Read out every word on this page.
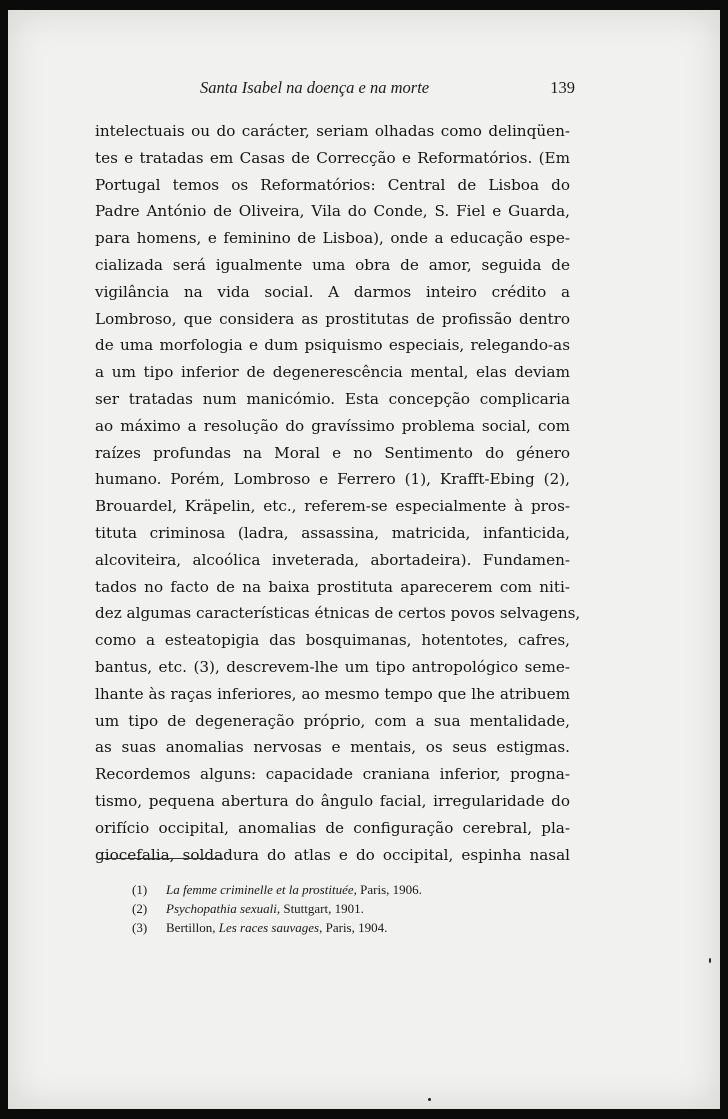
Santa Isabel na doença e na morte	139
intelectuais ou do carácter, seriam olhadas como delinqüen-
tes e tratadas em Casas de Correcção e Reformatórios. (Em
Portugal temos os Reformatórios: Central de Lisboa do
Padre António de Oliveira, Vila do Conde, S. Fiel e Guarda,
para homens, e feminino de Lisboa), onde a educação espe-
cializada será igualmente uma obra de amor, seguida de
vigilância na vida social. A darmos inteiro crédito a
Lombroso, que considera as prostitutas de profissão dentro
de uma morfologia e dum psiquismo especiais, relegando-as
a um tipo inferior de degenerescência mental, elas deviam
ser tratadas num manicómio. Esta concepção complicaria
ao máximo a resolução do gravíssimo problema social, com
raízes profundas na Moral e no Sentimento do género
humano. Porém, Lombroso e Ferrero (1), Krafft-Ebing (2),
Brouardel, Kräpelin, etc., referem-se especialmente à pros-
tituta criminosa (ladra, assassina, matricida, infanticida,
alcoviteira, alcoólica inveterada, abortadeira). Fundamen-
tados no facto de na baixa prostituta aparecerem com niti-
dez algumas características étnicas de certos povos selvagens,
como a esteatopigia das bosquimanas, hotentotes, cafres,
bantus, etc. (3), descrevem-lhe um tipo antropológico seme-
lhante às raças inferiores, ao mesmo tempo que lhe atribuem
um tipo de degeneração próprio, com a sua mentalidade,
as suas anomalias nervosas e mentais, os seus estigmas.
Recordemos alguns: capacidade craniana inferior, progna-
tismo, pequena abertura do ângulo facial, irregularidade do
orifício occipital, anomalias de configuração cerebral, pla-
giocefalia, soldadura do atlas e do occipital, espinha nasal
(1) La femme criminelle et la prostituée, Paris, 1906.
(2) Psychopathia sexuali, Stuttgart, 1901.
(3) Bertillon, Les races sauvages, Paris, 1904.
